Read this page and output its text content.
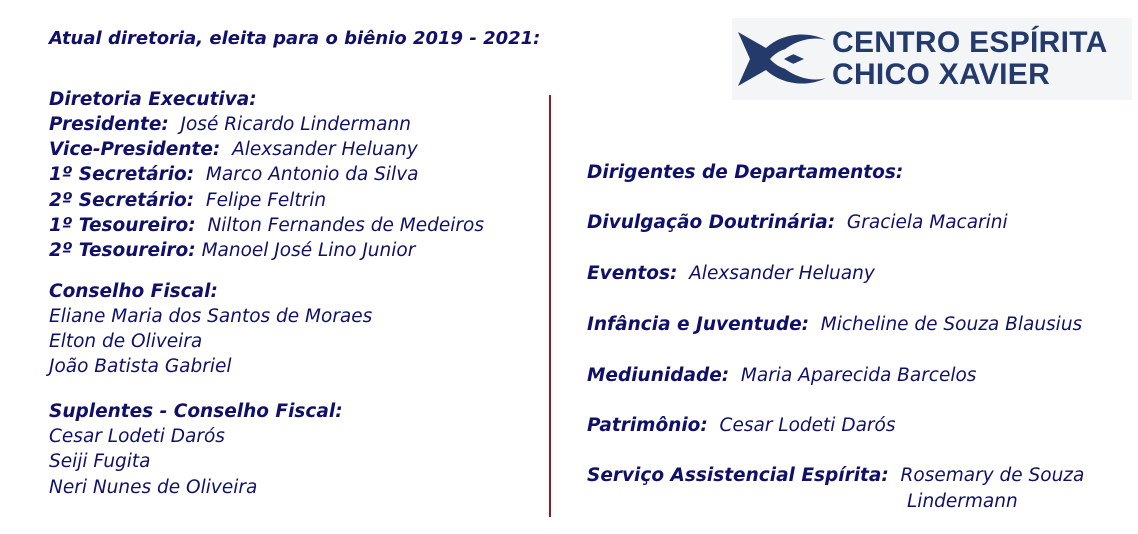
Atual diretoria, eleita para o biênio 2019 - 2021:	CENTRO ESPÍRITA
CHICO XAVIER
Diretoria Executiva:
Presidente: José Ricardo Lindermann
Vice-Presidente: Alexsander Heluany
1º Secretário: Marco Antonio da Silva
2º Secretário: Felipe Feltrin
1º Tesoureiro: Nilton Fernandes de Medeiros
2º Tesoureiro: Manoel José Lino Junior
Conselho Fiscal:
Eliane Maria dos Santos de Moraes
Elton de Oliveira
João Batista Gabriel
Suplentes - Conselho Fiscal:
Cesar Lodeti Darós
Seiji Fugita
Neri Nunes de Oliveira
Dirigentes de Departamentos:
Divulgação Doutrinária: Graciela Macarini
Eventos: Alexsander Heluany
Infância e Juventude: Micheline de Souza Blausius
Mediunidade: Maria Aparecida Barcelos
Patrimônio: Cesar Lodeti Darós
Serviço Assistencial Espírita: Rosemary de Souza
Lindermann
